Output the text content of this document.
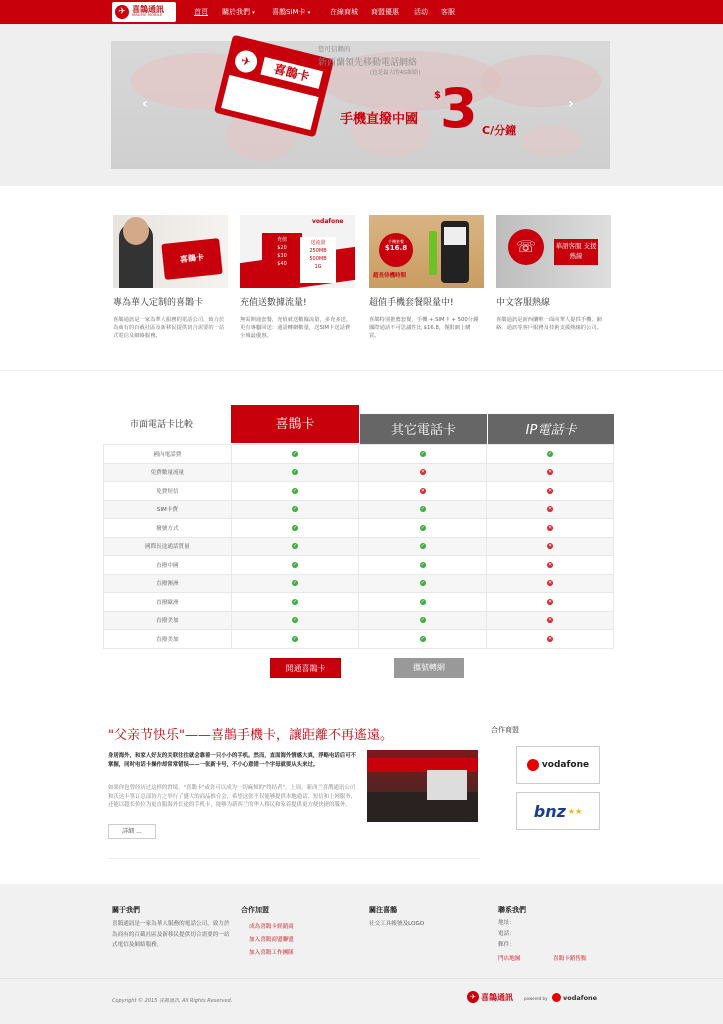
✈ 喜鵲通訊
MAGPIE MOBILE	首頁 關於我們 ▾ 喜鵲SIM卡 ▾	在線商城 商盟優惠 活动 客服
‹	›
✈
喜鵲卡
您可信賴的
新西蘭領先移動電話網絡
(也是最大的4G網絡)
手機直撥中國
$ 3 C/分鐘
喜鵲卡
充值
$20
$30
$40
送流量
250MB
500MB
1G
vodafone
手機套餐
$16.8
超長待機時間
☏	華語客服 支援熱線
專為華人定制的喜鵲卡	充值送數據流量!	超值手機套餐限量中!	中文客服熱線
喜鵲通訊是一家為華人服務的電話公司，致力於為商有的百截社區及新移民提供切合需要的一站式電信及網絡服務。
無需開通套餐，充值就送數據流量，多充多送，更有專屬回送：通話轉網數量，送SIM卡送話費全城最優惠。
喜鵲特別推薦套餐，手機 + SIM卡 + 500分鐘國際通話不可思議性比 $16.8，僅限網上購買。
喜鵲通訊是新西蘭唯一面向華人提供手機、網絡、通訊等客戶服務及技術支援熱線的公司。
市面電話卡比較	喜鵲卡	其它電話卡	IP電話卡
國內電話費	✓	✓	✓
免費數量流量	✓	✕	✕
免費短信	✓	✕	✕
SIM卡費	✓	✓	✕
撥號方式	✓	✓	✕
國際長途通話質量	✓	✓	✕
直撥中國	✓	✓	✕
直撥澳洲	✓	✓	✕
直撥歐洲	✓	✓	✕
直撥美加	✓	✓	✕
直撥美加	✓	✓	✕
開通喜鵲卡	攜號轉網
"父亲节快乐"——喜鵲手機卡，讓距離不再遙遠。
身居海外，和家人好友的关联往往就会靠着一只小小的手机。然而，直面海外情感大真，浮略电话后可不掌握，同时电话卡操作却常常错误——一张新卡号，不小心意错一个字母就要从头来过。
如果你也曾经历过这样的窘境，"喜鵲卡"或许可以成为一切麻烦的"终结者"。上周，新西兰喜鹊通讯公司和沃达丰签订总部协力之举行了盛大的商品推介会，希望这张不仅能够提供本地通话、短信和上网服务，还能以超长价位为更直服海外长途的手机卡，能够为新西兰的华人移民和家着提供更方便快捷的服务。
詳細 ...
合作商盟
vodafone
bnz ★★
關于我們
喜鵲通訊是一家為華人服務的電話公司，致力於為商有的百截社區及新移民提供切合需要的一站式電信及網絡服務。
合作加盟
成為喜鵲卡經銷商
加入喜鵲商盟聯盟
加入喜鵲工作團隊
關注喜鵲
社交工具帳號及LOGO
聯系我們
地址：
電話：
郵件：
門店地圖	喜鵲卡銷售點
Copyright © 2015 喜鵲通訊, All Rights Reserved.	✈ 喜鵲通訊	powered by vodafone
